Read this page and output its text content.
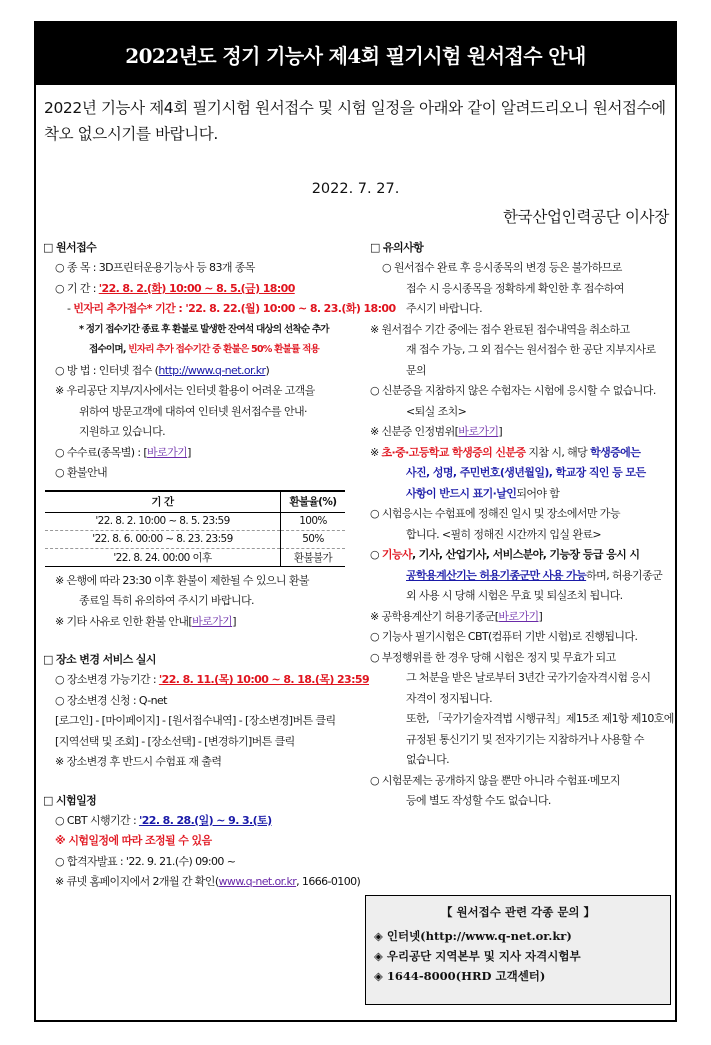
2022년도 정기 기능사 제4회 필기시험 원서접수 안내
2022년 기능사 제4회 필기시험 원서접수 및 시험 일정을 아래와 같이 알려드리오니 원서접수에 착오 없으시기를 바랍니다.
2022. 7. 27.
한국산업인력공단 이사장
□ 원서접수
○ 종 목 : 3D프린터운용기능사 등 83개 종목
○ 기 간 : '22. 8. 2.(화) 10:00 ~ 8. 5.(금) 18:00
- 빈자리 추가접수* 기간 : '22. 8. 22.(월) 10:00 ~ 8. 23.(화) 18:00
* 정기 접수기간 종료 후 환불로 발생한 잔여석 대상의 선착순 추가
접수이며, 빈자리 추가 접수기간 중 환불은 50% 환불률 적용
○ 방 법 : 인터넷 접수 (http://www.q-net.or.kr)
※ 우리공단 지부/지사에서는 인터넷 활용이 어려운 고객을
위하여 방문고객에 대하여 인터넷 원서접수를 안내·
지원하고 있습니다.
○ 수수료(종목별) : [바로가기]
○ 환불안내
기 간	환불율(%)
'22. 8. 2. 10:00 ~ 8. 5. 23:59	100%
'22. 8. 6. 00:00 ~ 8. 23. 23:59	50%
'22. 8. 24. 00:00 이후	환불불가
※ 은행에 따라 23:30 이후 환불이 제한될 수 있으니 환불
종료일 특히 유의하여 주시기 바랍니다.
※ 기타 사유로 인한 환불 안내[바로가기]
□ 장소 변경 서비스 실시
○ 장소변경 가능기간 : '22. 8. 11.(목) 10:00 ~ 8. 18.(목) 23:59
○ 장소변경 신청 : Q-net
[로그인] - [마이페이지] - [원서접수내역] - [장소변경]버튼 클릭
[지역선택 및 조회] - [장소선택] - [변경하기]버튼 클릭
※ 장소변경 후 반드시 수험표 재 출력
□ 시험일정
○ CBT 시행기간 : '22. 8. 28.(일) ~ 9. 3.(토)
※ 시험일정에 따라 조정될 수 있음
○ 합격자발표 : '22. 9. 21.(수) 09:00 ~
※ 큐넷 홈페이지에서 2개월 간 확인(www.q-net.or.kr, 1666-0100)
□ 유의사항
○ 원서접수 완료 후 응시종목의 변경 등은 불가하므로
접수 시 응시종목을 정확하게 확인한 후 접수하여
주시기 바랍니다.
※ 원서접수 기간 중에는 접수 완료된 접수내역을 취소하고
재 접수 가능, 그 외 접수는 원서접수 한 공단 지부지사로
문의
○ 신분증을 지참하지 않은 수험자는 시험에 응시할 수 없습니다.
<퇴실 조치>
※ 신분증 인정범위[바로가기]
※ 초·중·고등학교 학생증의 신분증 지참 시, 해당 학생증에는
사진, 성명, 주민번호(생년월일), 학교장 직인 등 모든
사항이 반드시 표기·날인되어야 함
○ 시험응시는 수험표에 정해진 일시 및 장소에서만 가능
합니다. <필히 정해진 시간까지 입실 완료>
○ 기능사, 기사, 산업기사, 서비스분야, 기능장 등급 응시 시
공학용계산기는 허용기종군만 사용 가능하며, 허용기종군
외 사용 시 당해 시험은 무효 및 퇴실조치 됩니다.
※ 공학용계산기 허용기종군[바로가기]
○ 기능사 필기시험은 CBT(컴퓨터 기반 시험)로 진행됩니다.
○ 부정행위를 한 경우 당해 시험은 정지 및 무효가 되고
그 처분을 받은 날로부터 3년간 국가기술자격시험 응시
자격이 정지됩니다.
또한, 「국가기술자격법 시행규칙」제15조 제1항 제10호에
규정된 통신기기 및 전자기기는 지참하거나 사용할 수
없습니다.
○ 시험문제는 공개하지 않을 뿐만 아니라 수험표·메모지
등에 별도 작성할 수도 없습니다.
【 원서접수 관련 각종 문의 】
◈ 인터넷(http://www.q-net.or.kr)
◈ 우리공단 지역본부 및 지사 자격시험부
◈ 1644-8000(HRD 고객센터)
